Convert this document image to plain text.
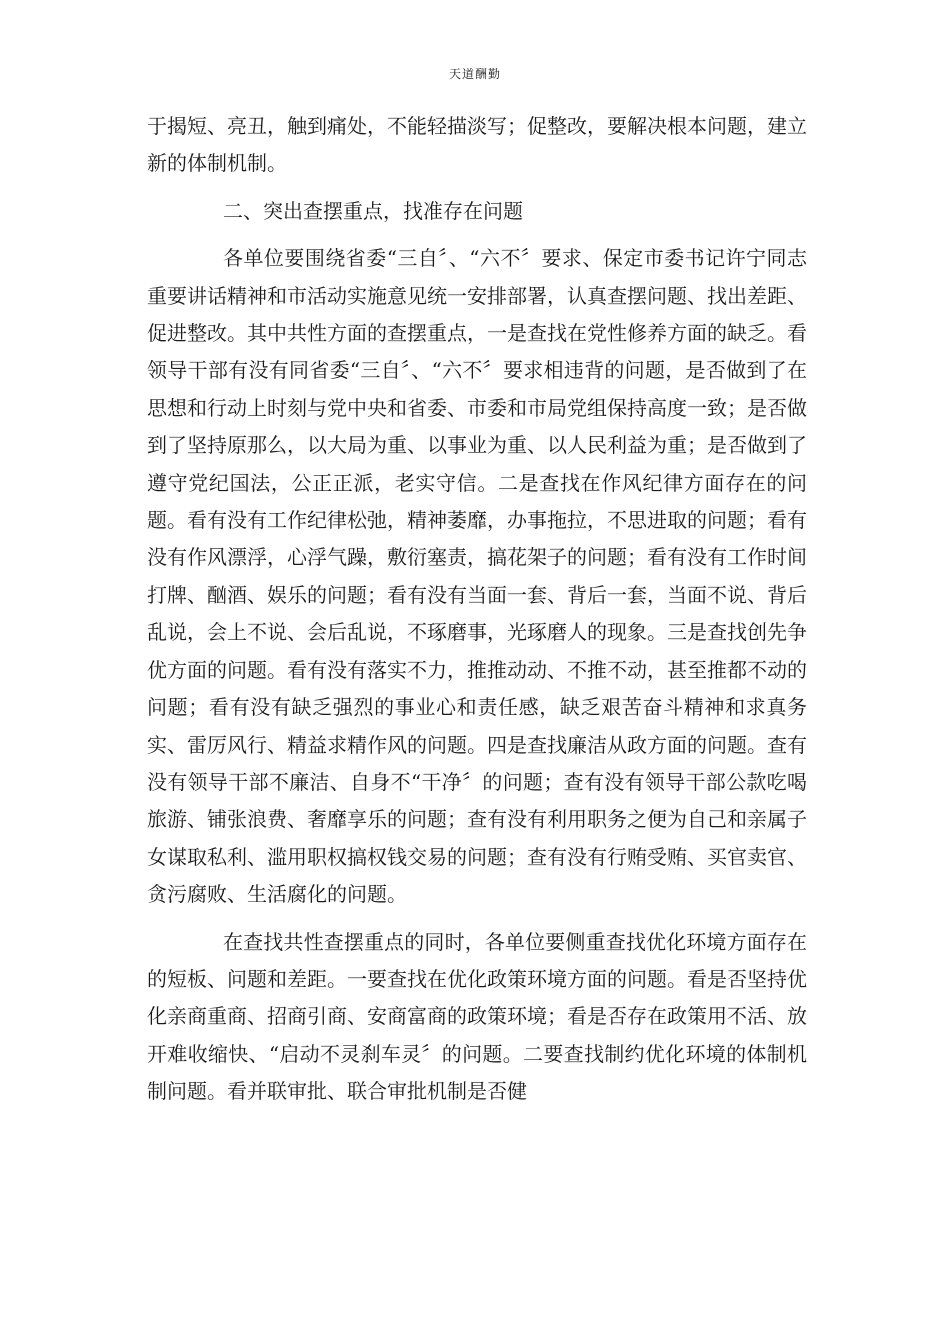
天道酬勤

于揭短、亮丑，触到痛处，不能轻描淡写；促整改，要解决根本问题，建立新的体制机制。

二、突出查摆重点，找准存在问题

各单位要围绕省委“三自〞、“六不〞要求、保定市委书记许宁同志重要讲话精神和市活动实施意见统一安排部署，认真查摆问题、找出差距、促进整改。其中共性方面的查摆重点，一是查找在党性修养方面的缺乏。看领导干部有没有同省委“三自〞、“六不〞要求相违背的问题，是否做到了在思想和行动上时刻与党中央和省委、市委和市局党组保持高度一致；是否做到了坚持原那么，以大局为重、以事业为重、以人民利益为重；是否做到了遵守党纪国法，公正正派，老实守信。二是查找在作风纪律方面存在的问题。看有没有工作纪律松弛，精神萎靡，办事拖拉，不思进取的问题；看有没有作风漂浮，心浮气躁，敷衍塞责，搞花架子的问题；看有没有工作时间打牌、酗酒、娱乐的问题；看有没有当面一套、背后一套，当面不说、背后乱说，会上不说、会后乱说，不琢磨事，光琢磨人的现象。三是查找创先争优方面的问题。看有没有落实不力，推推动动、不推不动，甚至推都不动的问题；看有没有缺乏强烈的事业心和责任感，缺乏艰苦奋斗精神和求真务实、雷厉风行、精益求精作风的问题。四是查找廉洁从政方面的问题。查有没有领导干部不廉洁、自身不“干净〞的问题；查有没有领导干部公款吃喝旅游、铺张浪费、奢靡享乐的问题；查有没有利用职务之便为自己和亲属子女谋取私利、滥用职权搞权钱交易的问题；查有没有行贿受贿、买官卖官、贪污腐败、生活腐化的问题。

在查找共性查摆重点的同时，各单位要侧重查找优化环境方面存在的短板、问题和差距。一要查找在优化政策环境方面的问题。看是否坚持优化亲商重商、招商引商、安商富商的政策环境；看是否存在政策用不活、放开难收缩快、“启动不灵刹车灵〞的问题。二要查找制约优化环境的体制机制问题。看并联审批、联合审批机制是否健
